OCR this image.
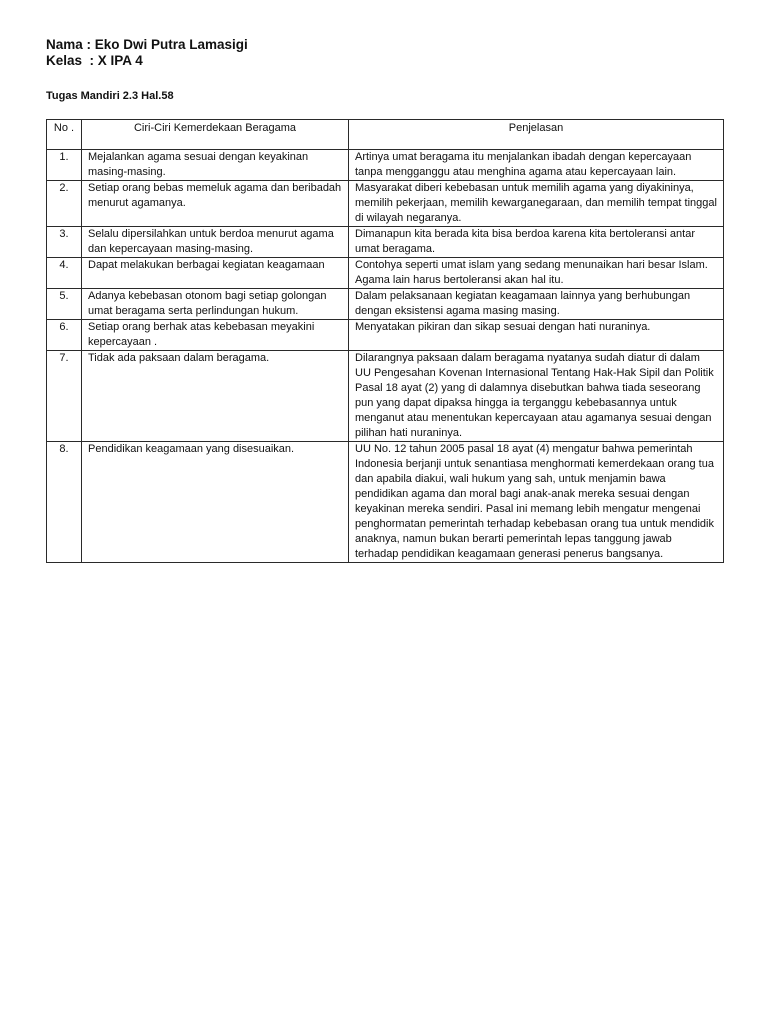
Nama : Eko Dwi Putra Lamasigi
Kelas  : X IPA 4
Tugas Mandiri 2.3 Hal.58
No .	Ciri-Ciri Kemerdekaan Beragama	Penjelasan
1.	Mejalankan agama sesuai dengan keyakinan masing-masing.	Artinya umat beragama itu menjalankan ibadah dengan kepercayaan tanpa mengganggu atau menghina agama atau kepercayaan lain.
2.	Setiap orang bebas memeluk agama dan beribadah menurut agamanya.	Masyarakat diberi kebebasan untuk memilih agama yang diyakininya, memilih pekerjaan, memilih kewarganegaraan, dan memilih tempat tinggal di wilayah negaranya.
3.	Selalu dipersilahkan untuk berdoa menurut agama dan kepercayaan masing-masing.	Dimanapun kita berada kita bisa berdoa karena kita bertoleransi antar umat beragama.
4.	Dapat melakukan berbagai kegiatan keagamaan	Contohya seperti umat islam yang sedang menunaikan hari besar Islam. Agama lain harus bertoleransi akan hal itu.
5.	Adanya kebebasan otonom bagi setiap golongan umat beragama serta perlindungan hukum.	Dalam pelaksanaan kegiatan keagamaan lainnya yang berhubungan dengan eksistensi agama masing masing.
6.	Setiap orang berhak atas kebebasan meyakini kepercayaan .	Menyatakan pikiran dan sikap sesuai dengan hati nuraninya.
7.	Tidak ada paksaan dalam beragama.	Dilarangnya paksaan dalam beragama nyatanya sudah diatur di dalam UU Pengesahan Kovenan Internasional Tentang Hak-Hak Sipil dan Politik Pasal 18 ayat (2) yang di dalamnya disebutkan bahwa tiada seseorang pun yang dapat dipaksa hingga ia terganggu kebebasannya untuk menganut atau menentukan kepercayaan atau agamanya sesuai dengan pilihan hati nuraninya.
8.	Pendidikan keagamaan yang disesuaikan.	UU No. 12 tahun 2005 pasal 18 ayat (4) mengatur bahwa pemerintah Indonesia berjanji untuk senantiasa menghormati kemerdekaan orang tua dan apabila diakui, wali hukum yang sah, untuk menjamin bawa pendidikan agama dan moral bagi anak-anak mereka sesuai dengan keyakinan mereka sendiri. Pasal ini memang lebih mengatur mengenai penghormatan pemerintah terhadap kebebasan orang tua untuk mendidik anaknya, namun bukan berarti pemerintah lepas tanggung jawab terhadap pendidikan keagamaan generasi penerus bangsanya.
